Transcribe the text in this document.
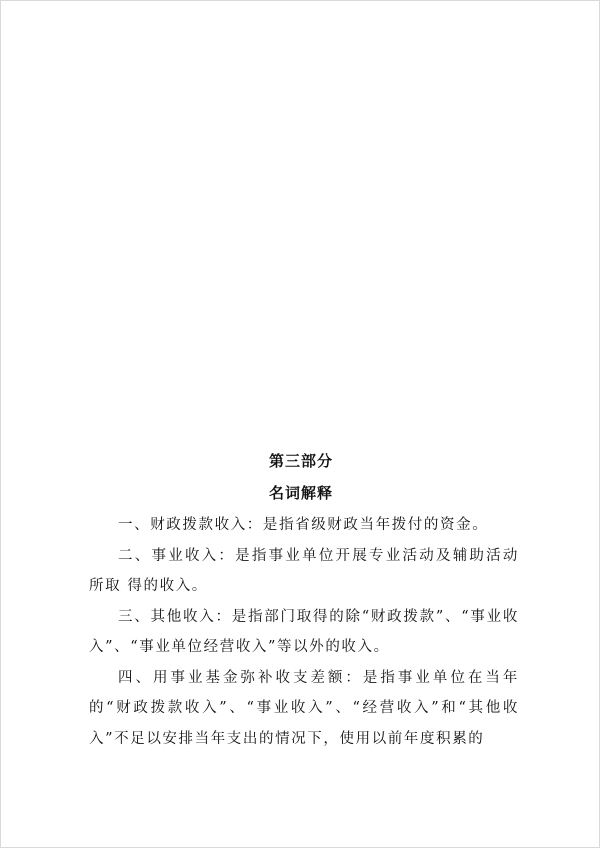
第三部分
名词解释

一、财政拨款收入：是指省级财政当年拨付的资金。

二、事业收入：是指事业单位开展专业活动及辅助活动所取 得的收入。

三、其他收入：是指部门取得的除“财政拨款”、“事业收入”、“事业单位经营收入”等以外的收入。

四、用事业基金弥补收支差额：是指事业单位在当年的“财政拨款收入”、“事业收入”、“经营收入”和“其他收入”不足以安排当年支出的情况下，使用以前年度积累的
